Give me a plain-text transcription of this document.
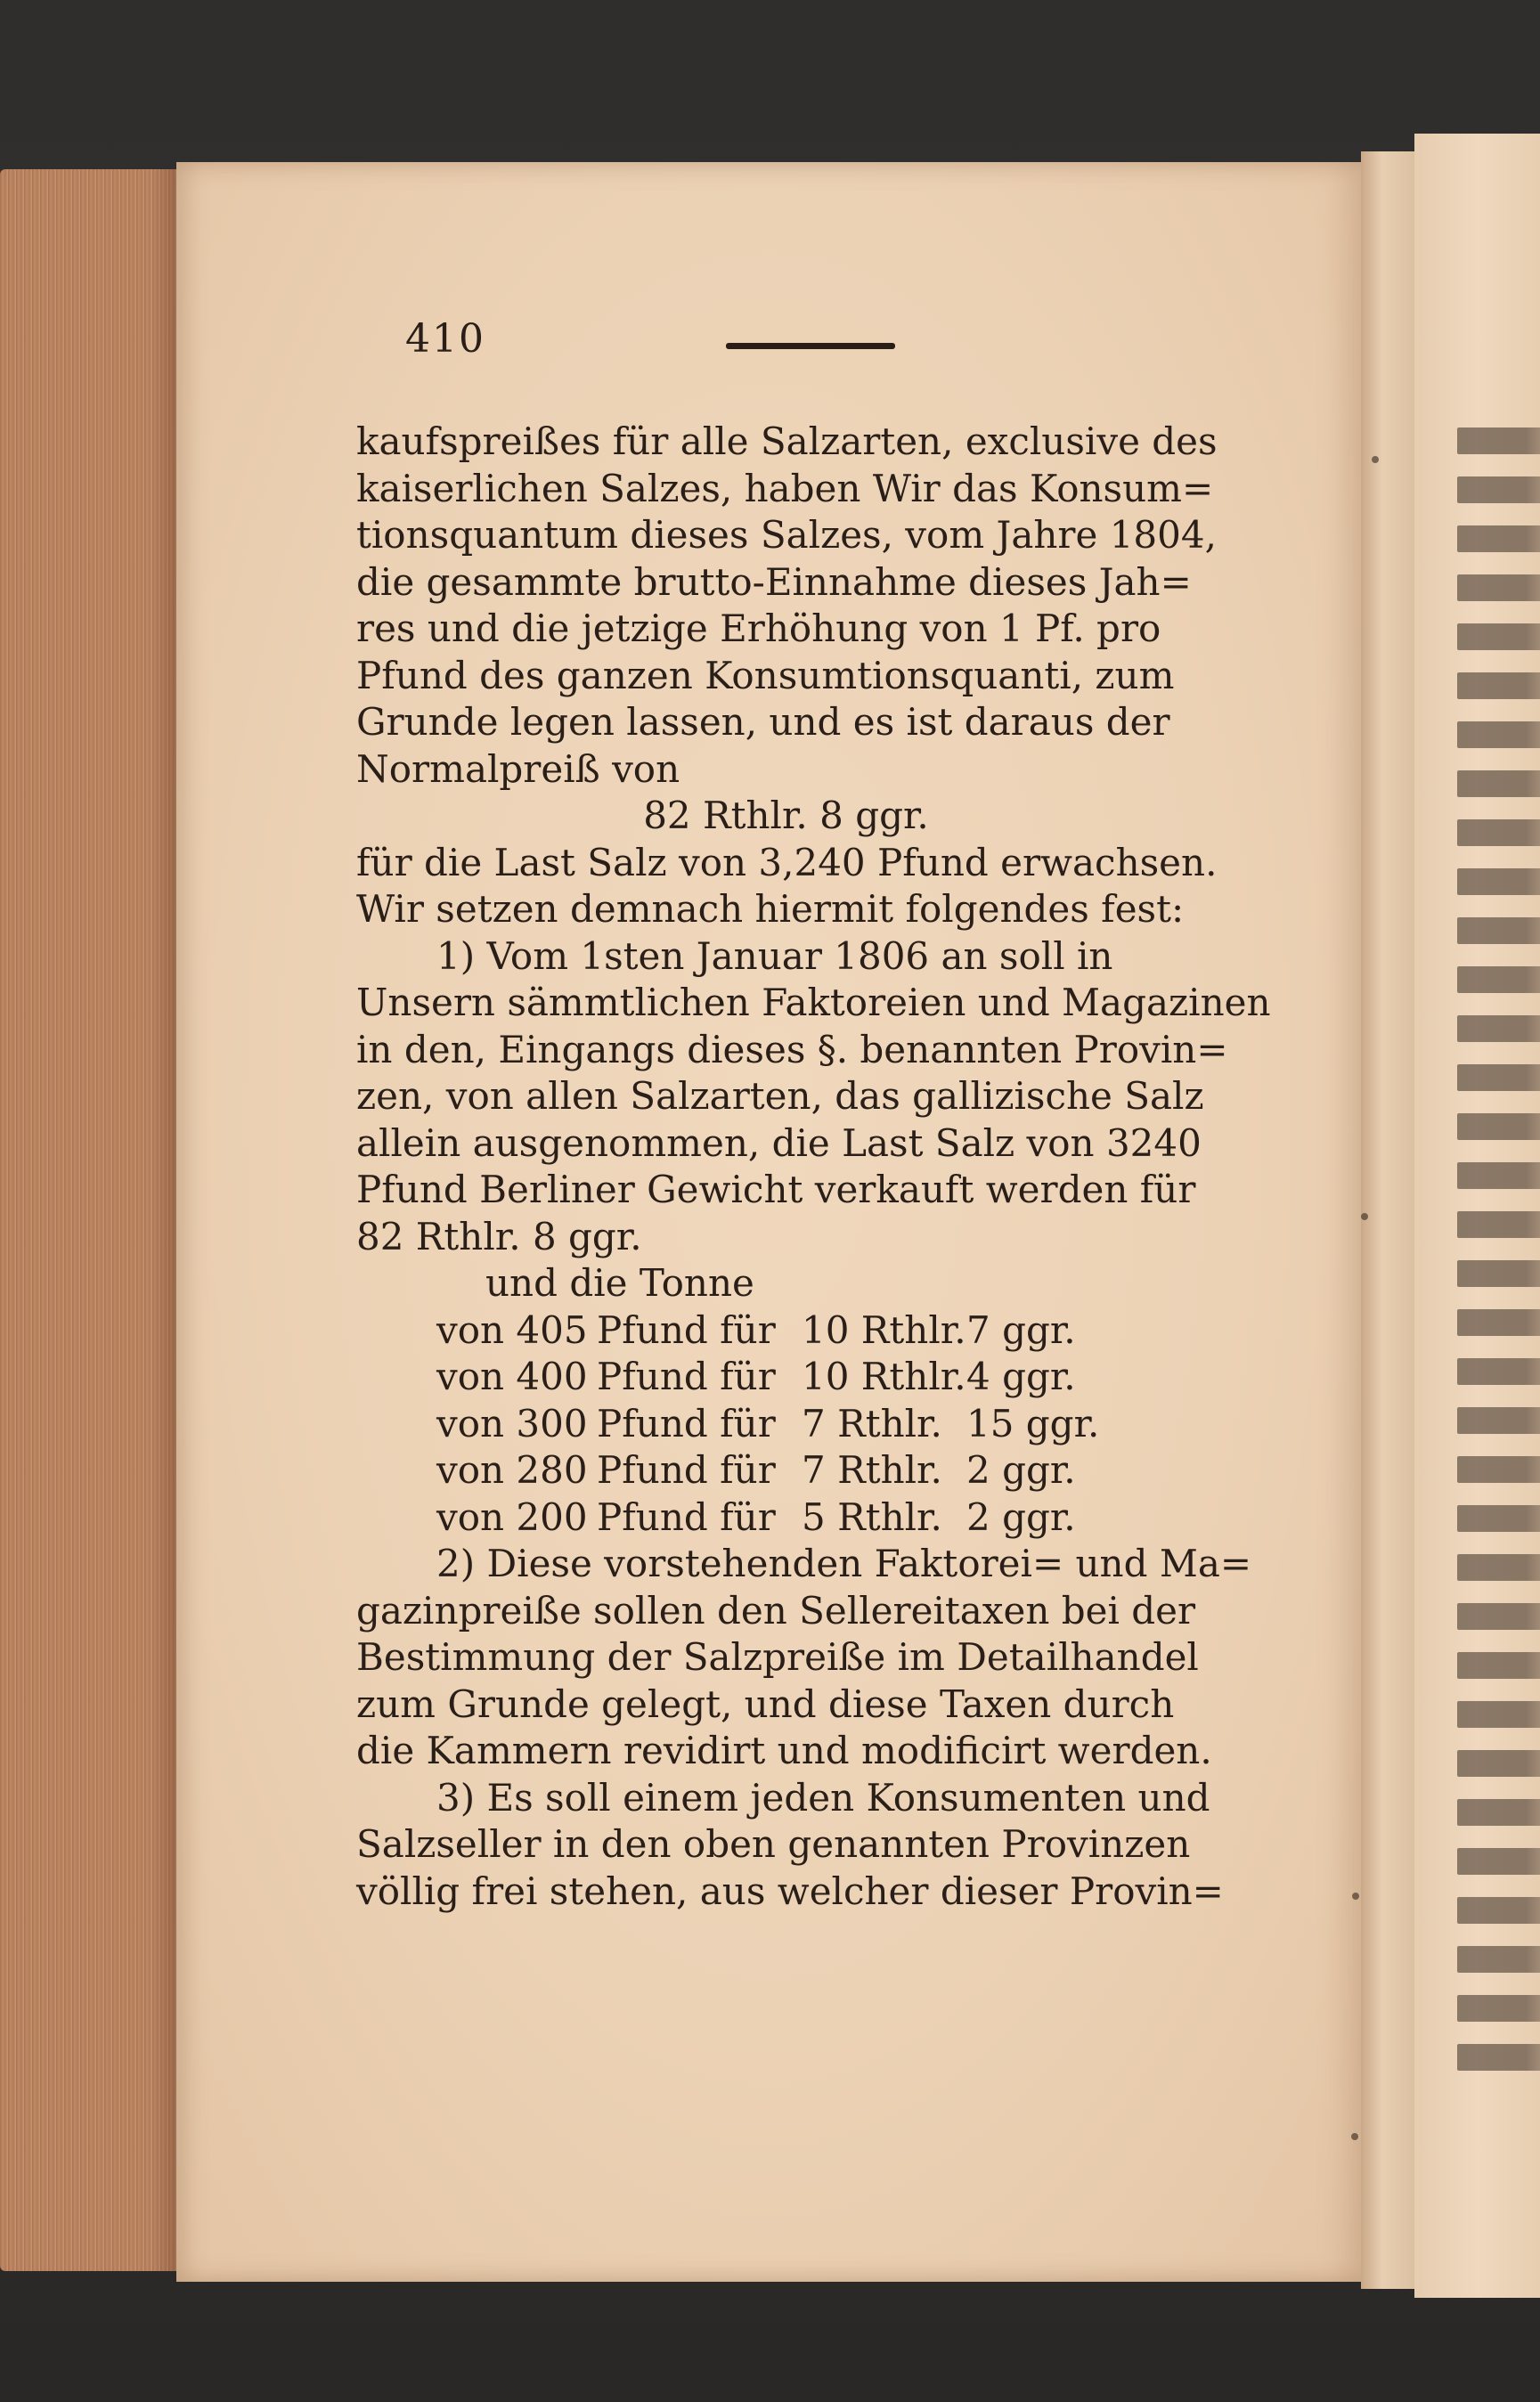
410
kaufspreißes für alle Salzarten, exclusive des
kaiserlichen Salzes, haben Wir das Konsum=
tionsquantum dieses Salzes, vom Jahre 1804,
die gesammte brutto-Einnahme dieses Jah=
res und die jetzige Erhöhung von 1 Pf. pro
Pfund des ganzen Konsumtionsquanti, zum
Grunde legen lassen, und es ist daraus der
Normalpreiß von
82 Rthlr. 8 ggr.
für die Last Salz von 3,240 Pfund erwachsen.
Wir setzen demnach hiermit folgendes fest:
1) Vom 1sten Januar 1806 an soll in
Unsern sämmtlichen Faktoreien und Magazinen
in den, Eingangs dieses §. benannten Provin=
zen, von allen Salzarten, das gallizische Salz
allein ausgenommen, die Last Salz von 3240
Pfund Berliner Gewicht verkauft werden für
82 Rthlr. 8 ggr.
und die Tonne
von 405 Pfund für 10 Rthlr. 7 ggr.
von 400 Pfund für 10 Rthlr. 4 ggr.
von 300 Pfund für 7 Rthlr. 15 ggr.
von 280 Pfund für 7 Rthlr. 2 ggr.
von 200 Pfund für 5 Rthlr. 2 ggr.
2) Diese vorstehenden Faktorei= und Ma=
gazinpreiße sollen den Sellereitaxen bei der
Bestimmung der Salzpreiße im Detailhandel
zum Grunde gelegt, und diese Taxen durch
die Kammern revidirt und modificirt werden.
3) Es soll einem jeden Konsumenten und
Salzseller in den oben genannten Provinzen
völlig frei stehen, aus welcher dieser Provin=
